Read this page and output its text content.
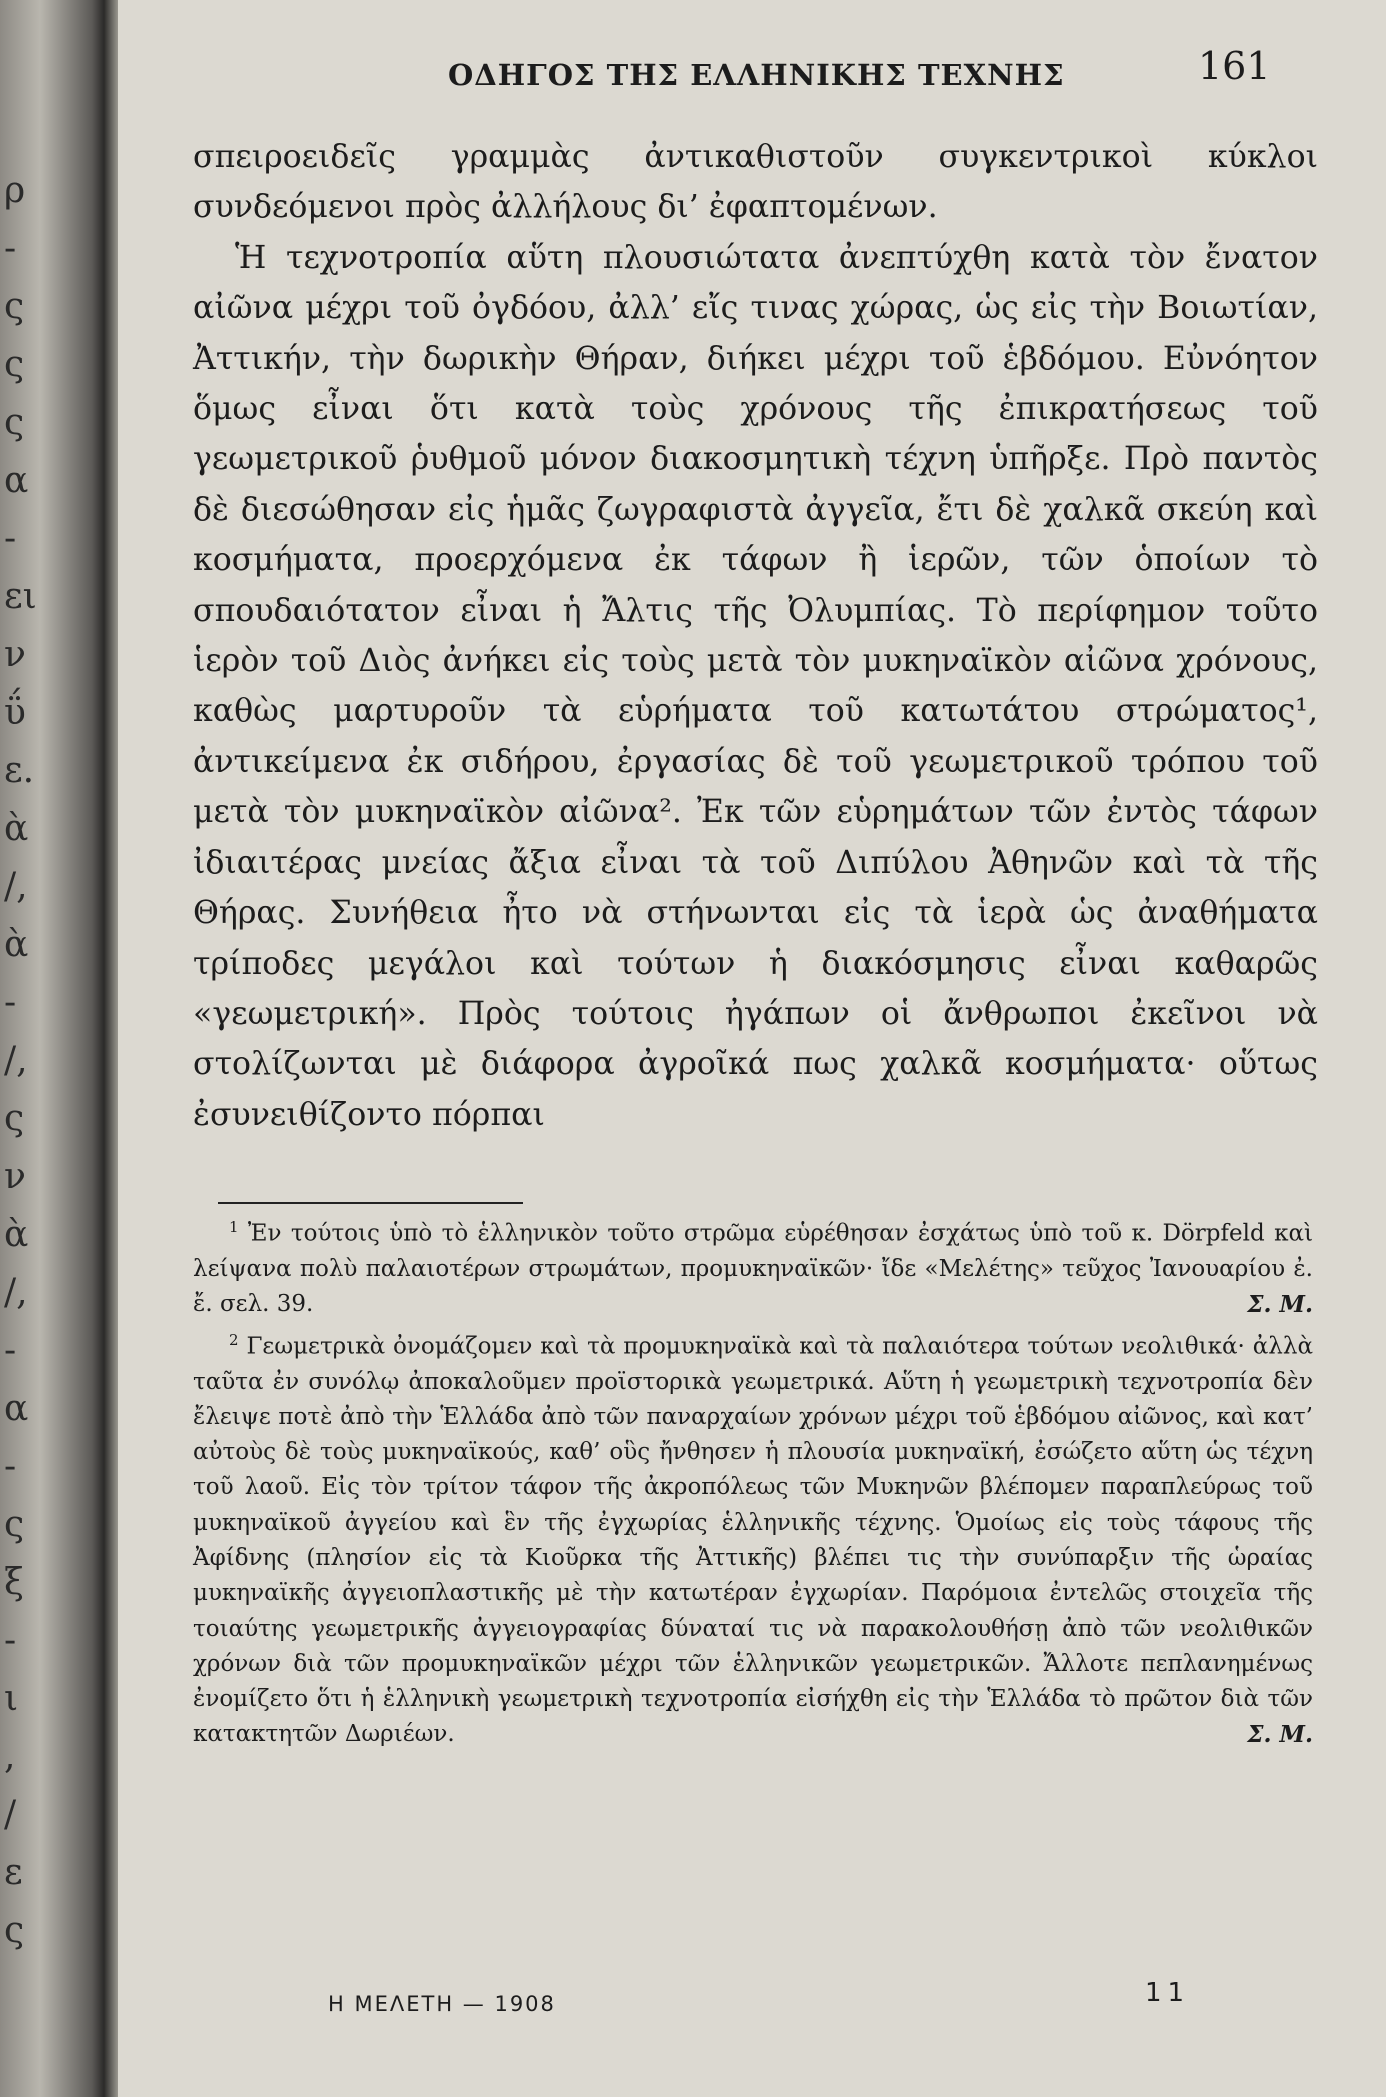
ρ
-
ς
ς
ς
α
-
ει
ν
ΰ
ε.
ὰ
/,
ὰ
-
/,
ς
ν
ὰ
/,
-
α
-
ς
ξ
-
ι
,
/
ε
ς
ΟΔΗΓΟΣ ΤΗΣ ΕΛΛΗΝΙΚΗΣ ΤΕΧΝΗΣ	161

σπειροειδεῖς γραμμὰς ἀντικαθιστοῦν συγκεντρικοὶ κύκλοι συνδεόμενοι πρὸς ἀλλήλους δι’ ἐφαπτομένων.

Ἡ τεχνοτροπία αὕτη πλουσιώτατα ἀνεπτύχθη κατὰ τὸν ἔνατον αἰῶνα μέχρι τοῦ ὀγδόου, ἀλλ’ εἴς τινας χώρας, ὡς εἰς τὴν Βοιωτίαν, Ἀττικήν, τὴν δωρικὴν Θήραν, διήκει μέχρι τοῦ ἑβδόμου. Εὐνόητον ὅμως εἶναι ὅτι κατὰ τοὺς χρόνους τῆς ἐπικρατήσεως τοῦ γεωμετρικοῦ ῥυθμοῦ μόνον διακοσμητικὴ τέχνη ὑπῆρξε. Πρὸ παντὸς δὲ διεσώθησαν εἰς ἡμᾶς ζωγραφιστὰ ἀγγεῖα, ἔτι δὲ χαλκᾶ σκεύη καὶ κοσμήματα, προερχόμενα ἐκ τάφων ἢ ἱερῶν, τῶν ὁποίων τὸ σπουδαιότατον εἶναι ἡ Ἄλτις τῆς Ὀλυμπίας. Τὸ περίφημον τοῦτο ἱερὸν τοῦ Διὸς ἀνήκει εἰς τοὺς μετὰ τὸν μυκηναϊκὸν αἰῶνα χρόνους, καθὼς μαρτυροῦν τὰ εὑρήματα τοῦ κατωτάτου στρώματος¹, ἀντικείμενα ἐκ σιδήρου, ἐργασίας δὲ τοῦ γεωμετρικοῦ τρόπου τοῦ μετὰ τὸν μυκηναϊκὸν αἰῶνα². Ἐκ τῶν εὑρημάτων τῶν ἐντὸς τάφων ἰδιαιτέρας μνείας ἄξια εἶναι τὰ τοῦ Διπύλου Ἀθηνῶν καὶ τὰ τῆς Θήρας. Συνήθεια ἦτο νὰ στήνωνται εἰς τὰ ἱερὰ ὡς ἀναθήματα τρίποδες μεγάλοι καὶ τούτων ἡ διακόσμησις εἶναι καθαρῶς «γεωμετρική». Πρὸς τούτοις ἠγάπων οἱ ἄνθρωποι ἐκεῖνοι νὰ στολίζωνται μὲ διάφορα ἀγροῖκά πως χαλκᾶ κοσμήματα· οὕτως ἐσυνειθίζοντο πόρπαι

$^1$ Ἐν τούτοις ὑπὸ τὸ ἑλληνικὸν τοῦτο στρῶμα εὑρέθησαν ἐσχάτως ὑπὸ τοῦ κ. Dörpfeld καὶ λείψανα πολὺ παλαιοτέρων στρωμάτων, προμυκηναϊκῶν· ἴδε «Μελέτης» τεῦχος Ἰανουαρίου ἐ. ἔ. σελ. 39.	Σ. Μ.

$^2$ Γεωμετρικὰ ὀνομάζομεν καὶ τὰ προμυκηναϊκὰ καὶ τὰ παλαιότερα τούτων νεολιθικά· ἀλλὰ ταῦτα ἐν συνόλῳ ἀποκαλοῦμεν προϊστορικὰ γεωμετρικά. Αὕτη ἡ γεωμετρικὴ τεχνοτροπία δὲν ἔλειψε ποτὲ ἀπὸ τὴν Ἑλλάδα ἀπὸ τῶν παναρχαίων χρόνων μέχρι τοῦ ἑβδόμου αἰῶνος, καὶ κατ’ αὐτοὺς δὲ τοὺς μυκηναϊκούς, καθ’ οὓς ἤνθησεν ἡ πλουσία μυκηναϊκή, ἐσώζετο αὕτη ὡς τέχνη τοῦ λαοῦ. Εἰς τὸν τρίτον τάφον τῆς ἀκροπόλεως τῶν Μυκηνῶν βλέπομεν παραπλεύρως τοῦ μυκηναϊκοῦ ἀγγείου καὶ ἓν τῆς ἐγχωρίας ἑλληνικῆς τέχνης. Ὁμοίως εἰς τοὺς τάφους τῆς Ἀφίδνης (πλησίον εἰς τὰ Κιοῦρκα τῆς Ἀττικῆς) βλέπει τις τὴν συνύπαρξιν τῆς ὡραίας μυκηναϊκῆς ἀγγειοπλαστικῆς μὲ τὴν κατωτέραν ἐγχωρίαν. Παρόμοια ἐντελῶς στοιχεῖα τῆς τοιαύτης γεωμετρικῆς ἀγγειογραφίας δύναταί τις νὰ παρακολουθήσῃ ἀπὸ τῶν νεολιθικῶν χρόνων διὰ τῶν προμυκηναϊκῶν μέχρι τῶν ἑλληνικῶν γεωμετρικῶν. Ἄλλοτε πεπλανημένως ἐνομίζετο ὅτι ἡ ἑλληνικὴ γεωμετρικὴ τεχνοτροπία εἰσήχθη εἰς τὴν Ἑλλάδα τὸ πρῶτον διὰ τῶν κατακτητῶν Δωριέων.	Σ. Μ.

Η ΜΕΛΕΤΗ — 1908	11
